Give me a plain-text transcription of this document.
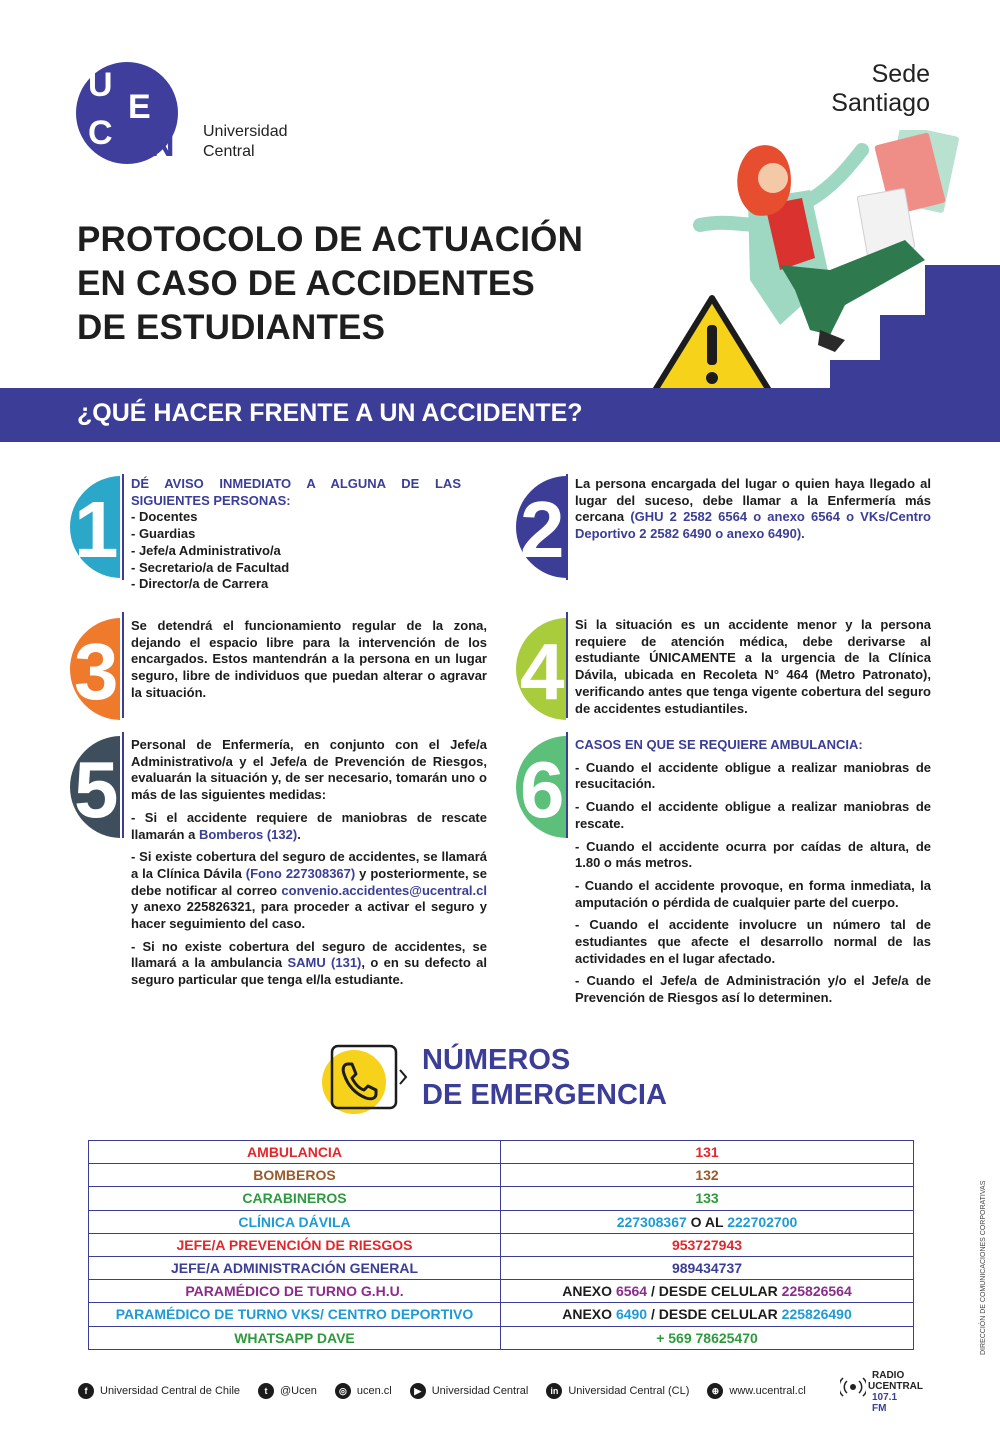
U
C
E
N Universidad
Central
Sede
Santiago
PROTOCOLO DE ACTUACIÓN
EN CASO DE ACCIDENTES
DE ESTUDIANTES
¿QUÉ HACER FRENTE A UN ACCIDENTE?
1

DÉ AVISO INMEDIATO A ALGUNA DE LAS SIGUIENTES PERSONAS:

- Docentes

- Guardias

- Jefe/a Administrativo/a

- Secretario/a de Facultad

- Director/a de Carrera

2

La persona encargada del lugar o quien haya llegado al lugar del suceso, debe llamar a la Enfermería más cercana (GHU 2 2582 6564 o anexo 6564 o VKs/Centro Deportivo 2 2582 6490 o anexo 6490).

3

Se detendrá el funcionamiento regular de la zona, dejando el espacio libre para la intervención de los encargados. Estos mantendrán a la persona en un lugar seguro, libre de individuos que puedan alterar o agravar la situación.	4

Si la situación es un accidente menor y la persona requiere de atención médica, debe derivarse al estudiante ÚNICAMENTE a la urgencia de la Clínica Dávila, ubicada en Recoleta N° 464 (Metro Patronato), verificando antes que tenga vigente cobertura del seguro de accidentes estudiantiles.

5

Personal de Enfermería, en conjunto con el Jefe/a Administrativo/a y el Jefe/a de Prevención de Riesgos, evaluarán la situación y, de ser necesario, tomarán uno o más de las siguientes medidas:

- Si el accidente requiere de maniobras de rescate llamarán a Bomberos (132).

- Si existe cobertura del seguro de accidentes, se llamará a la Clínica Dávila (Fono 227308367) y posteriormente, se debe notificar al correo convenio.accidentes@ucentral.cl y anexo 225826321, para proceder a activar el seguro y hacer seguimiento del caso.

- Si no existe cobertura del seguro de accidentes, se llamará a la ambulancia SAMU (131), o en su defecto al seguro particular que tenga el/la estudiante.

6

CASOS EN QUE SE REQUIERE AMBULANCIA:

- Cuando el accidente obligue a realizar maniobras de resucitación.

- Cuando el accidente obligue a realizar maniobras de rescate.

- Cuando el accidente ocurra por caídas de altura, de 1.80 o más metros.

- Cuando el accidente provoque, en forma inmediata, la amputación o pérdida de cualquier parte del cuerpo.

- Cuando el accidente involucre un número tal de estudiantes que afecte el desarrollo normal de las actividades en el lugar afectado.

- Cuando el Jefe/a de Administración y/o el Jefe/a de Prevención de Riesgos así lo determinen.

NÚMEROS
DE EMERGENCIA
AMBULANCIA	131
BOMBEROS	132
CARABINEROS	133
CLÍNICA DÁVILA	227308367 O AL 222702700
JEFE/A PREVENCIÓN DE RIESGOS	953727943
JEFE/A ADMINISTRACIÓN GENERAL	989434737
PARAMÉDICO DE TURNO G.H.U.	ANEXO 6564 / DESDE CELULAR 225826564
PARAMÉDICO DE TURNO VKS/ CENTRO DEPORTIVO	ANEXO 6490 / DESDE CELULAR 225826490
WHATSAPP DAVE	+ 569 78625470
f	Universidad Central de Chile	t	@Ucen	◎ ucen.cl	▶ Universidad Central	in Universidad Central (CL)	⊕ www.ucentral.cl
RADIO
UCENTRAL
107.1 FM
DIRECCIÓN DE COMUNICACIONES CORPORATIVAS
